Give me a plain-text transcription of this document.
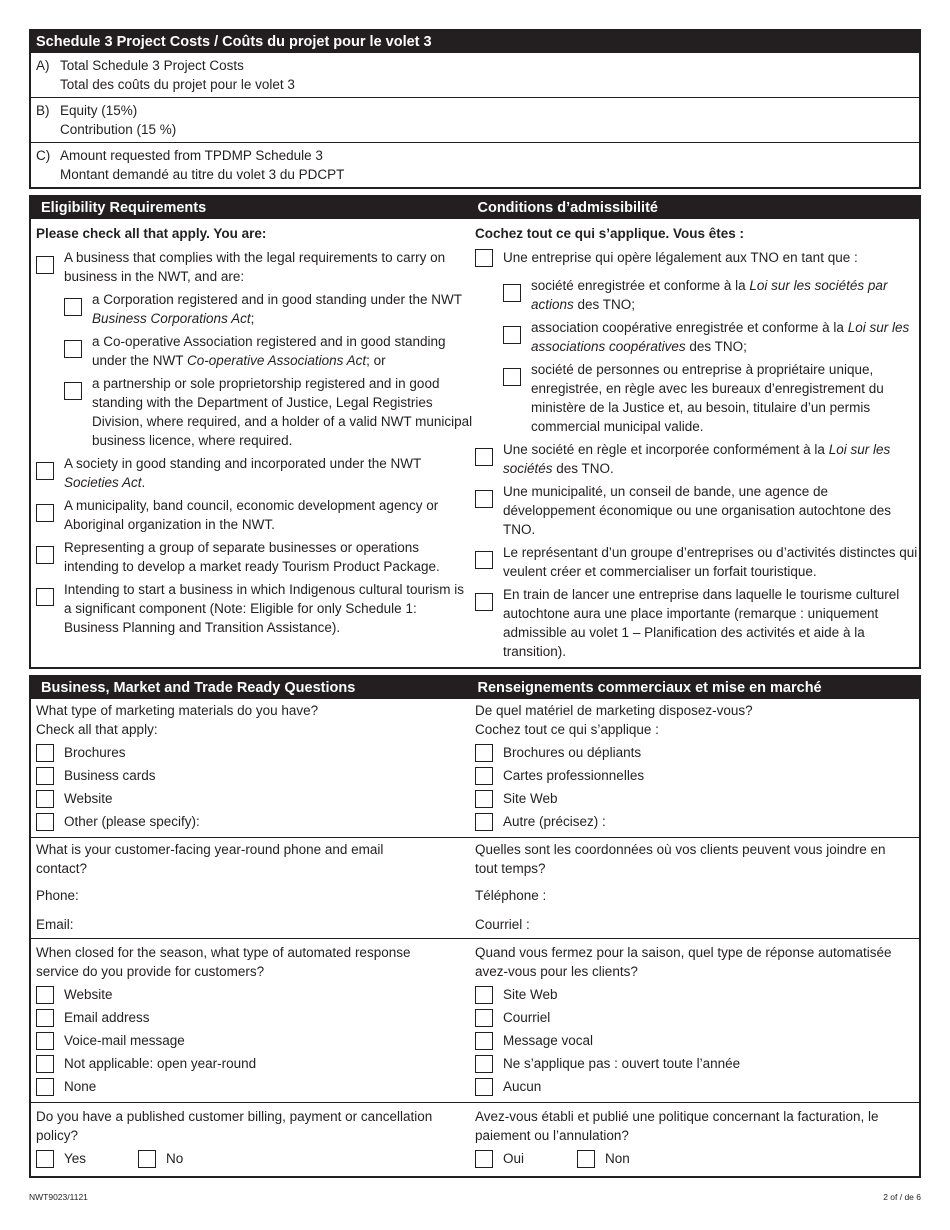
Schedule 3 Project Costs / Coûts du projet pour le volet 3
A) Total Schedule 3 Project Costs
Total des coûts du projet pour le volet 3
B) Equity (15%)
Contribution (15 %)
C) Amount requested from TPDMP Schedule 3
Montant demandé au titre du volet 3 du PDCPT
Eligibility Requirements	Conditions d’admissibilité
Please check all that apply. You are:
A business that complies with the legal requirements to carry on business in the NWT, and are:
a Corporation registered and in good standing under the NWT Business Corporations Act;
a Co-operative Association registered and in good standing under the NWT Co-operative Associations Act; or
a partnership or sole proprietorship registered and in good standing with the Department of Justice, Legal Registries Division, where required, and a holder of a valid NWT municipal business licence, where required.
A society in good standing and incorporated under the NWT Societies Act.
A municipality, band council, economic development agency or Aboriginal organization in the NWT.
Representing a group of separate businesses or operations intending to develop a market ready Tourism Product Package.
Intending to start a business in which Indigenous cultural tourism is a significant component (Note: Eligible for only Schedule 1: Business Planning and Transition Assistance).
Cochez tout ce qui s’applique. Vous êtes :
Une entreprise qui opère légalement aux TNO en tant que :
société enregistrée et conforme à la Loi sur les sociétés par actions des TNO;
association coopérative enregistrée et conforme à la Loi sur les associations coopératives des TNO;
société de personnes ou entreprise à propriétaire unique, enregistrée, en règle avec les bureaux d’enregistrement du ministère de la Justice et, au besoin, titulaire d’un permis commercial municipal valide.
Une société en règle et incorporée conformément à la Loi sur les sociétés des TNO.
Une municipalité, un conseil de bande, une agence de développement économique ou une organisation autochtone des TNO.
Le représentant d’un groupe d’entreprises ou d’activités distinctes qui veulent créer et commercialiser un forfait touristique.
En train de lancer une entreprise dans laquelle le tourisme culturel autochtone aura une place importante (remarque : uniquement admissible au volet 1 – Planification des activités et aide à la transition).
Business, Market and Trade Ready Questions	Renseignements commerciaux et mise en marché
What type of marketing materials do you have?
Check all that apply:
Brochures
Business cards
Website
Other (please specify):
De quel matériel de marketing disposez-vous?
Cochez tout ce qui s’applique :
Brochures ou dépliants
Cartes professionnelles
Site Web
Autre (précisez) :
What is your customer-facing year-round phone and email contact?
Phone:
Email:
Quelles sont les coordonnées où vos clients peuvent vous joindre en tout temps?
Téléphone :
Courriel :
When closed for the season, what type of automated response service do you provide for customers?
Website
Email address
Voice-mail message
Not applicable: open year-round
None
Quand vous fermez pour la saison, quel type de réponse automatisée avez-vous pour les clients?
Site Web
Courriel
Message vocal
Ne s’applique pas : ouvert toute l’année
Aucun
Do you have a published customer billing, payment or cancellation policy?
Yes	No
Avez-vous établi et publié une politique concernant la facturation, le paiement ou l’annulation?
Oui	Non
NWT9023/1121	2 of / de 6
